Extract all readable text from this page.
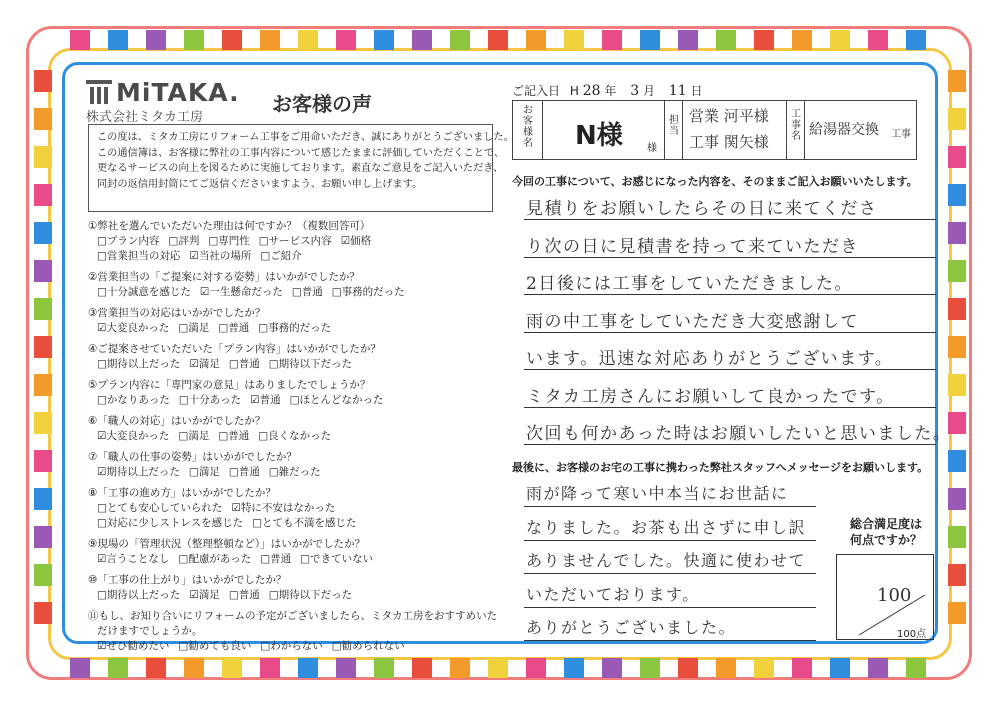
MiTAKA.
株式会社ミタカ工房
お客様の声

この度は、ミタカ工房にリフォーム工事をご用命いただき、誠にありがとうございました。

この通信簿は、お客様に弊社の工事内容について感じたままに評価していただくことで、

更なるサービスの向上を図るために実施しております。素直なご意見をご記入いただき、

同封の返信用封筒にてご返信くださいますよう、お願い申し上げます。

①弊社を選んでいただいた理由は何ですか？（複数回答可）
□プラン内容 □評判 □専門性 □サービス内容 ☑価格
□営業担当の対応 ☑当社の場所 □ご紹介
②営業担当の「ご提案に対する姿勢」はいかがでしたか？
□十分誠意を感じた ☑一生懸命だった □普通 □事務的だった
③営業担当の対応はいかがでしたか？
☑大変良かった □満足 □普通 □事務的だった
④ご提案させていただいた「プラン内容」はいかがでしたか？
□期待以上だった ☑満足 □普通 □期待以下だった
⑤プラン内容に「専門家の意見」はありましたでしょうか？
□かなりあった □十分あった ☑普通 □ほとんどなかった
⑥「職人の対応」はいかがでしたか？
☑大変良かった □満足 □普通 □良くなかった
⑦「職人の仕事の姿勢」はいかがでしたか？
☑期待以上だった □満足 □普通 □雑だった
⑧「工事の進め方」はいかがでしたか？
□とても安心していられた ☑特に不安はなかった
□対応に少しストレスを感じた □とても不満を感じた
⑨現場の「管理状況（整理整頓など）」はいかがでしたか？
☑言うことなし □配慮があった □普通 □できていない
⑩「工事の仕上がり」はいかがでしたか？
□期待以上だった ☑満足 □普通 □期待以下だった
⑪もし、お知り合いにリフォームの予定がございましたら、ミタカ工房をおすすめいた
だけますでしょうか。
☑ぜひ勧めたい □勧めても良い □わからない □勧められない
ご記入日 H 28 年 3 月 11 日
お
客
様
名 N様 様
担
当
営業 河平様
工事 関矢様
工
事
名 給湯器交換 工事
今回の工事について、お感じになった内容を、そのままご記入お願いいたします。
見積りをお願いしたらその日に来てくださ
り次の日に見積書を持って来ていただき
2日後には工事をしていただきました。
雨の中工事をしていただき大変感謝して
います。迅速な対応ありがとうございます。
ミタカ工房さんにお願いして良かったです。
次回も何かあった時はお願いしたいと思いました。
最後に、お客様のお宅の工事に携わった弊社スタッフへメッセージをお願いします。
雨が降って寒い中本当にお世話に
なりました。お茶も出さずに申し訳
ありませんでした。快適に使わせて
いただいております。
ありがとうございました。
総合満足度は
何点ですか？
100
100点
